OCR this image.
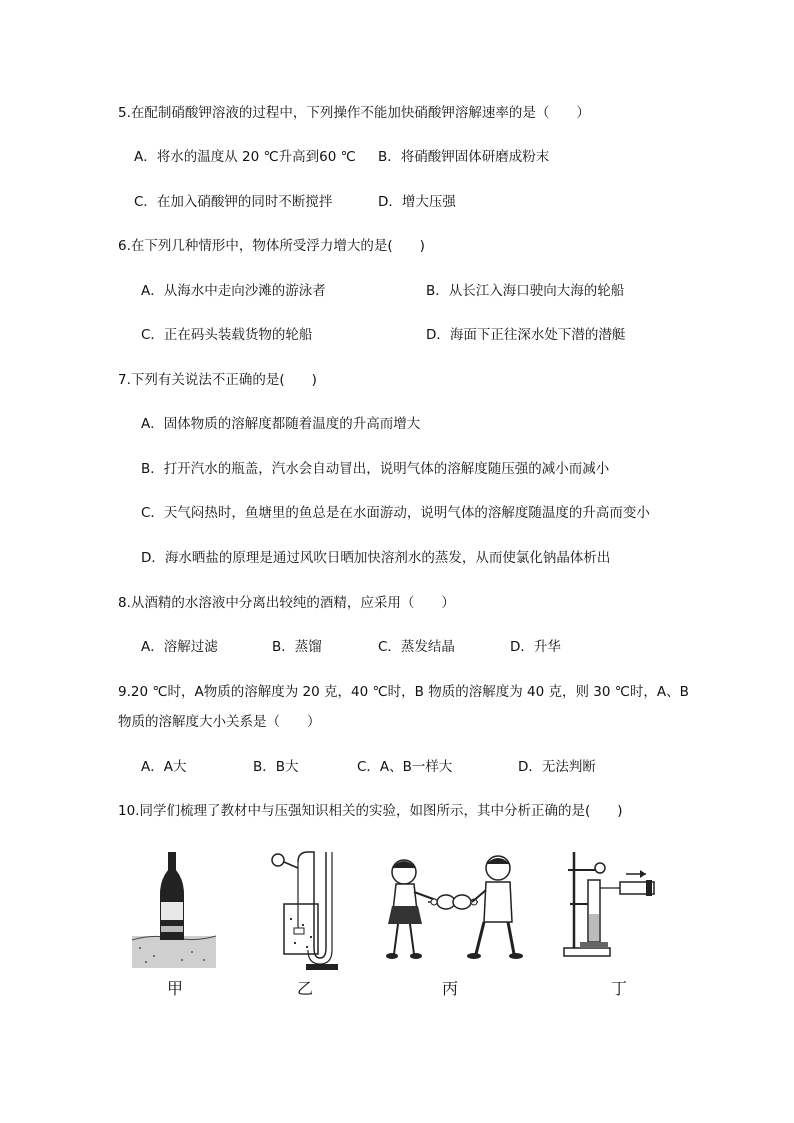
5.在配制硝酸钾溶液的过程中，下列操作不能加快硝酸钾溶解速率的是（　　）
A．将水的温度从 20 ℃升高到60 ℃ B．将硝酸钾固体研磨成粉末
C．在加入硝酸钾的同时不断搅拌	D．增大压强
6.在下列几种情形中，物体所受浮力增大的是(　　)
A．从海水中走向沙滩的游泳者	B．从长江入海口驶向大海的轮船
C．正在码头装载货物的轮船	D．海面下正往深水处下潜的潜艇
7.下列有关说法不正确的是(　　)
A．固体物质的溶解度都随着温度的升高而增大
B．打开汽水的瓶盖，汽水会自动冒出，说明气体的溶解度随压强的减小而减小
C．天气闷热时，鱼塘里的鱼总是在水面游动，说明气体的溶解度随温度的升高而变小
D．海水晒盐的原理是通过风吹日晒加快溶剂水的蒸发，从而使氯化钠晶体析出
8.从酒精的水溶液中分离出较纯的酒精，应采用（　　）
A．溶解过滤	B．蒸馏	C．蒸发结晶	D．升华
9.20 ℃时，A物质的溶解度为 20 克，40 ℃时，B 物质的溶解度为 40 克，则 30 ℃时，A、B
物质的溶解度大小关系是（　　）
A．A大	B．B大	C．A、B一样大	D．无法判断
10.同学们梳理了教材中与压强知识相关的实验，如图所示，其中分析正确的是(　　)
甲	乙	丙	丁
